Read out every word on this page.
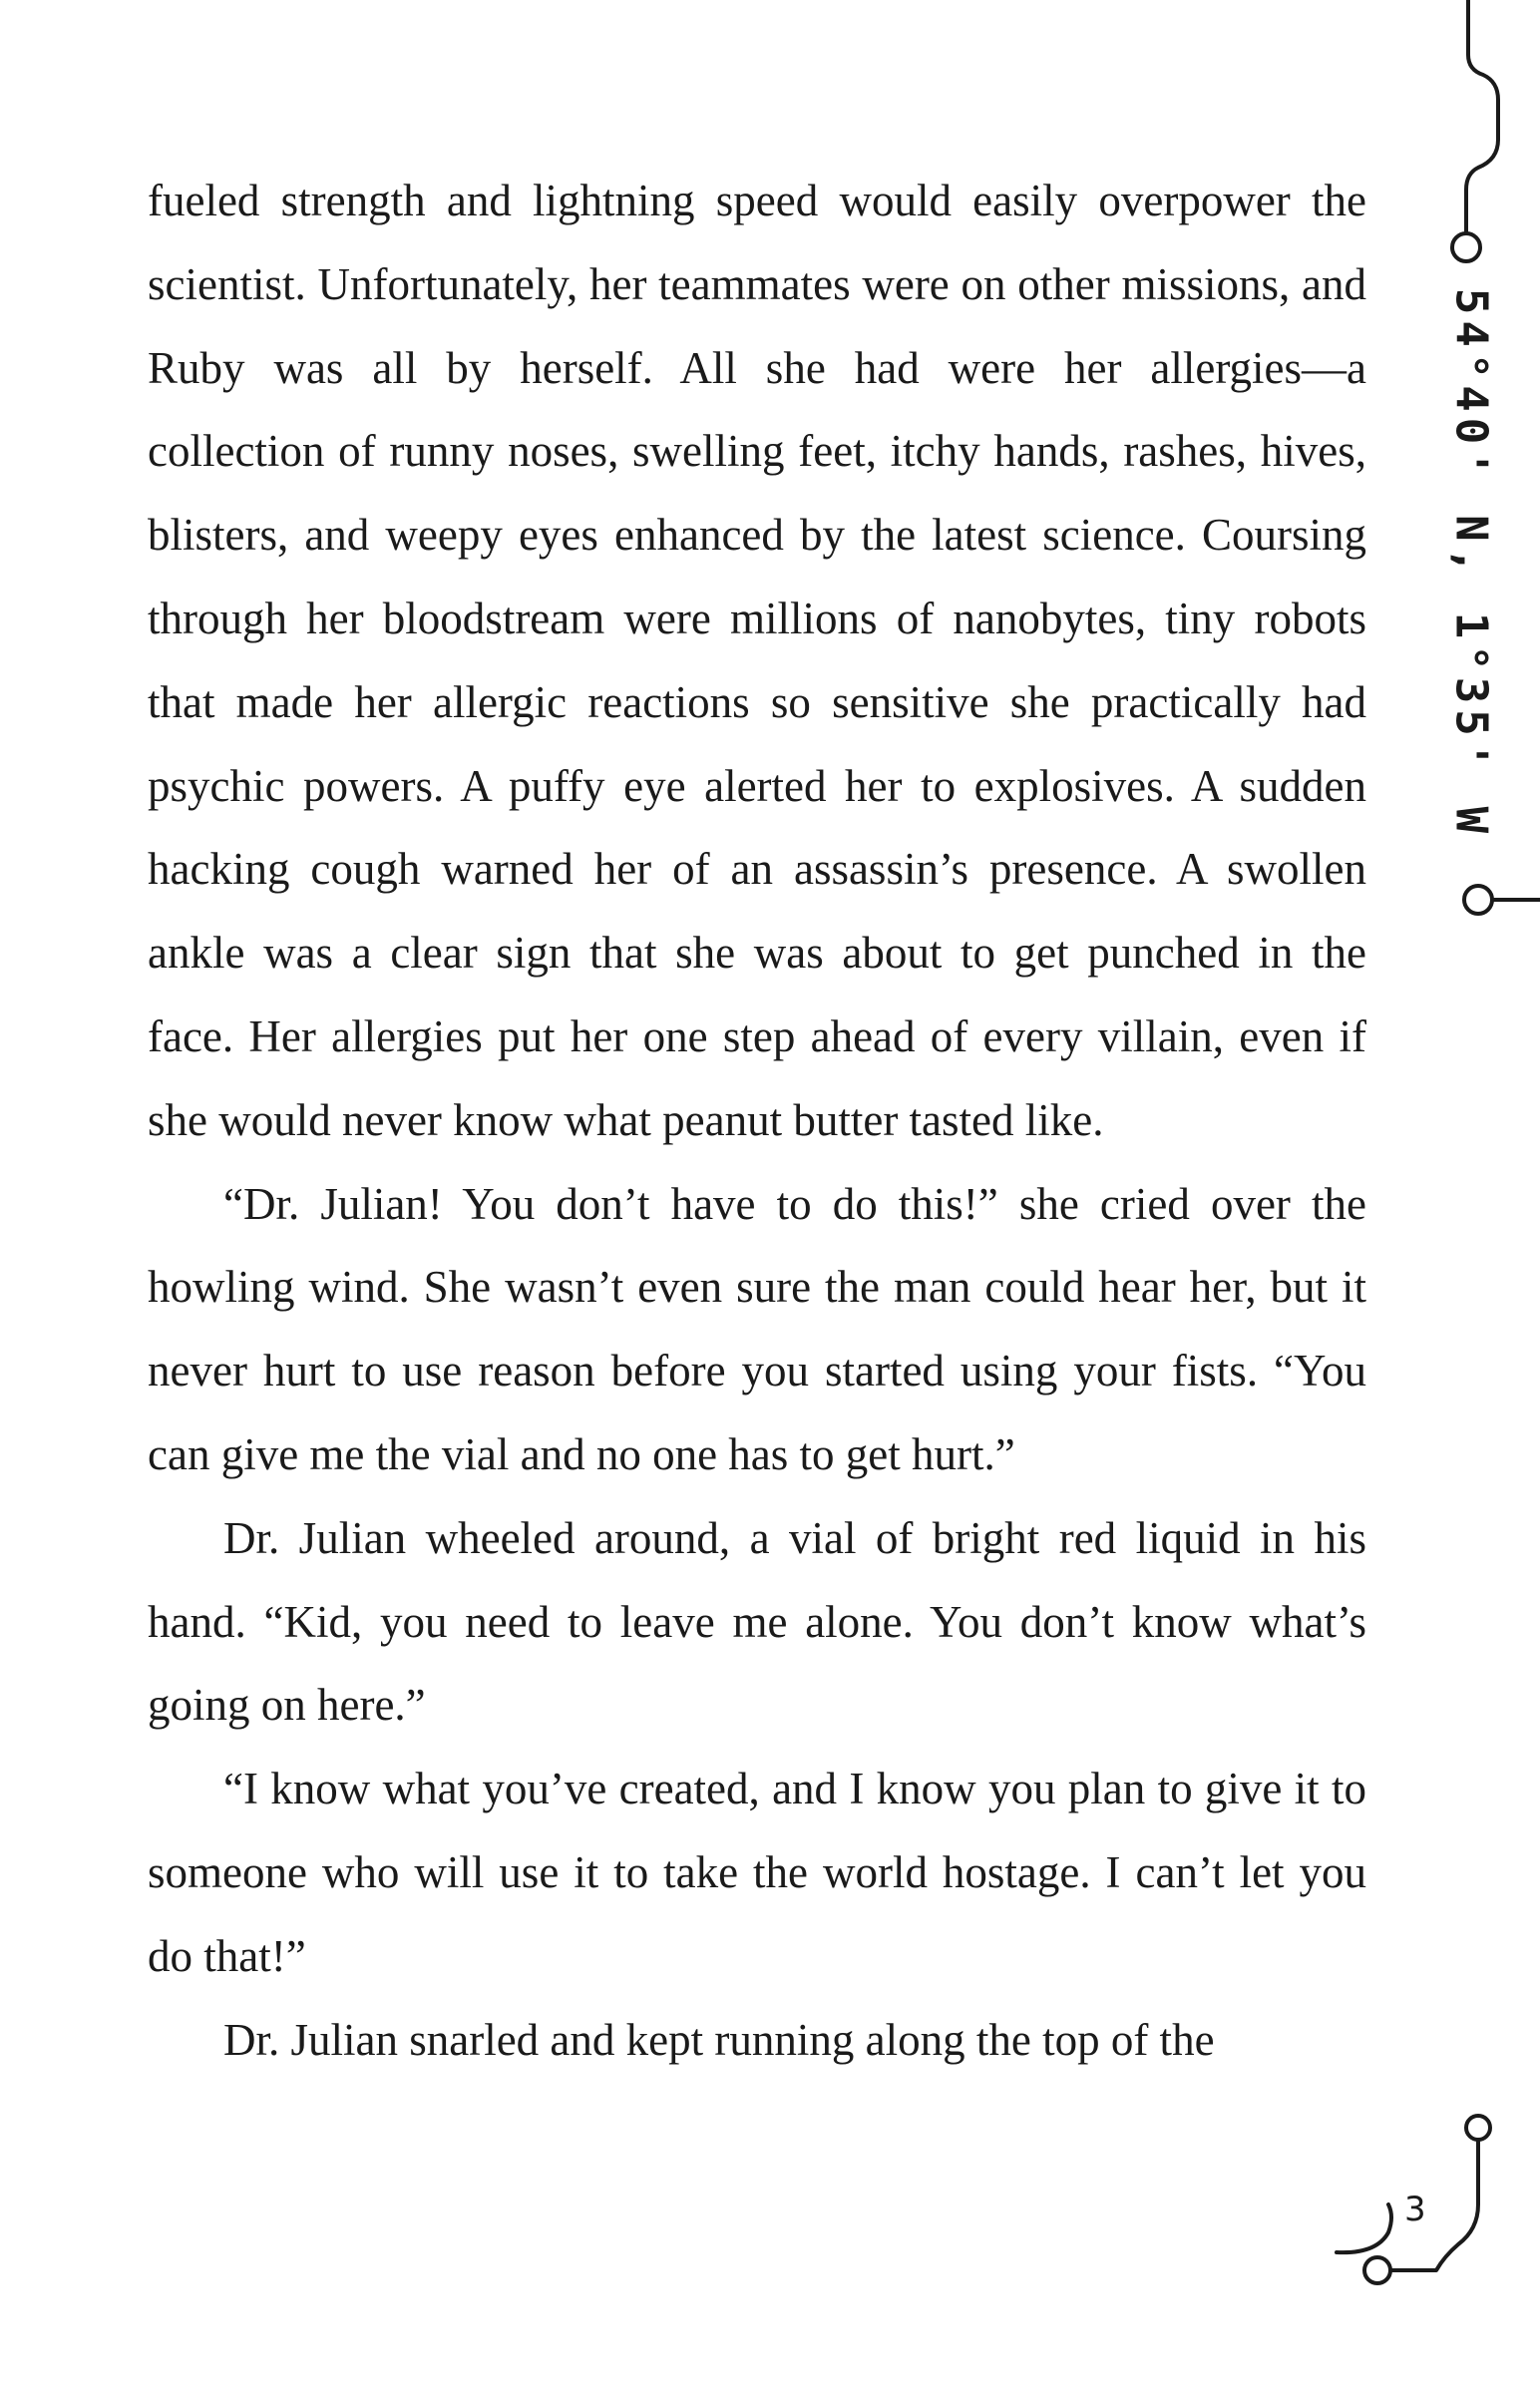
54°40' N, 1°35' W

fueled strength and lightning speed would easily overpower the scientist. Unfortunately, her teammates were on other missions, and Ruby was all by herself. All she had were her allergies—a collection of runny noses, swelling feet, itchy hands, rashes, hives, blisters, and weepy eyes enhanced by the latest science. Coursing through her bloodstream were millions of nanobytes, tiny robots that made her allergic reactions so sensitive she practically had psychic powers. A puffy eye alerted her to explosives. A sudden hacking cough warned her of an assassin’s presence. A swollen ankle was a clear sign that she was about to get punched in the face. Her allergies put her one step ahead of every villain, even if she would never know what peanut butter tasted like.

“Dr. Julian! You don’t have to do this!” she cried over the howling wind. She wasn’t even sure the man could hear her, but it never hurt to use reason before you started using your fists. “You can give me the vial and no one has to get hurt.”

Dr. Julian wheeled around, a vial of bright red liquid in his hand. “Kid, you need to leave me alone. You don’t know what’s going on here.”

“I know what you’ve created, and I know you plan to give it to someone who will use it to take the world hostage. I can’t let you do that!”

Dr. Julian snarled and kept running along the top of the

3
